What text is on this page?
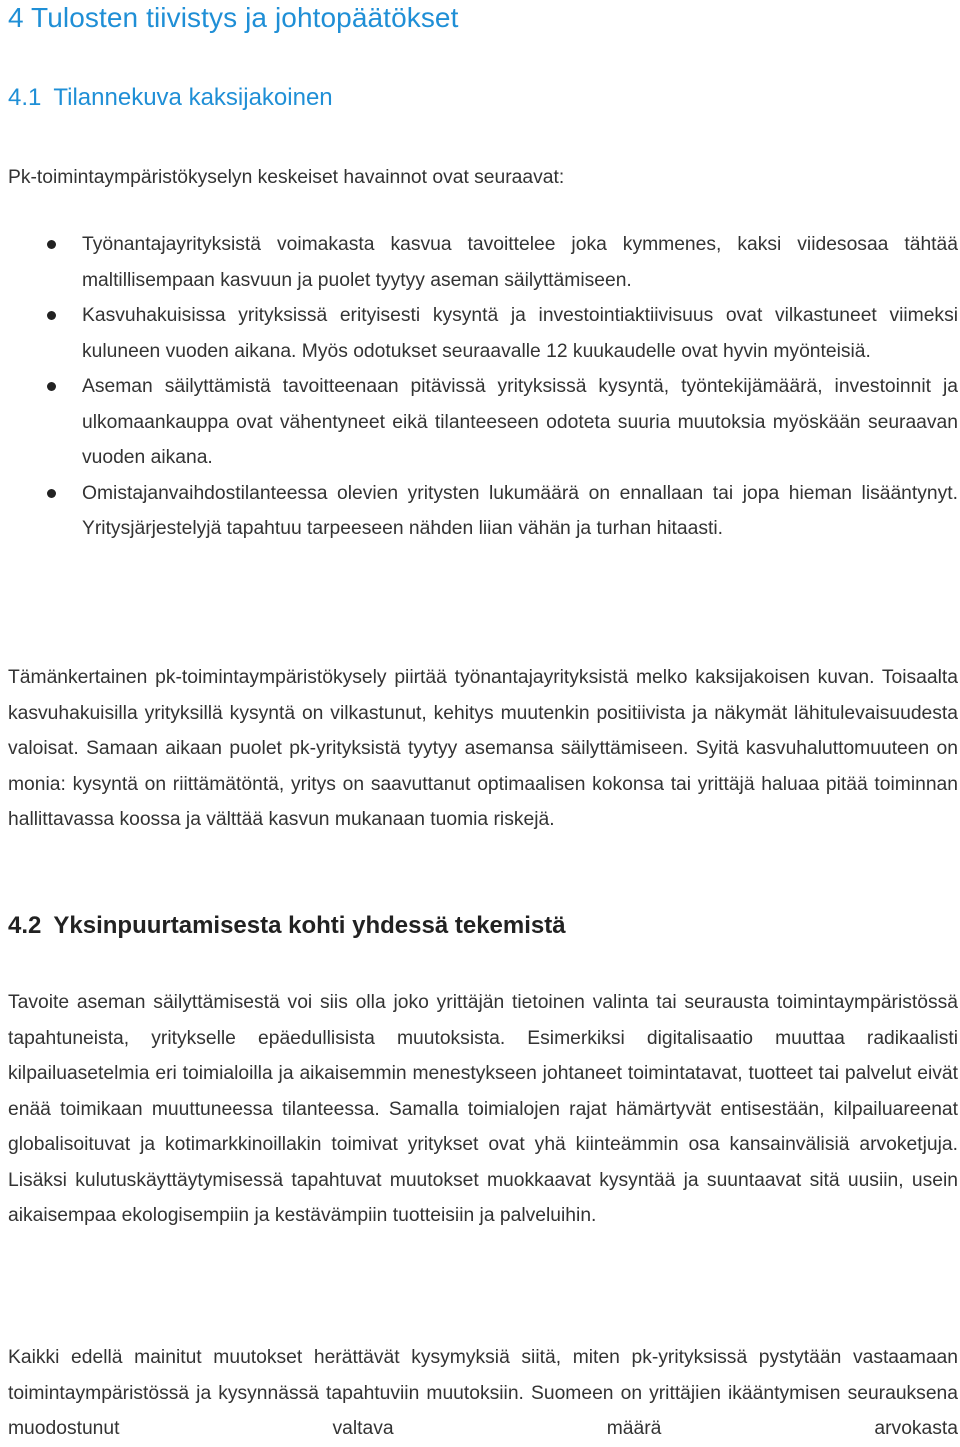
4 Tulosten tiivistys ja johtopäätökset
4.1 Tilannekuva kaksijakoinen

Pk-toimintaympäristökyselyn keskeiset havainnot ovat seuraavat:

Työnantajayrityksistä voimakasta kasvua tavoittelee joka kymmenes, kaksi viidesosaa tähtää maltillisempaan kasvuun ja puolet tyytyy aseman säilyttämiseen.
Kasvuhakuisissa yrityksissä erityisesti kysyntä ja investointiaktiivisuus ovat vilkastuneet viimeksi kuluneen vuoden aikana. Myös odotukset seuraavalle 12 kuukaudelle ovat hyvin myönteisiä.
Aseman säilyttämistä tavoitteenaan pitävissä yrityksissä kysyntä, työntekijämäärä, investoinnit ja ulkomaankauppa ovat vähentyneet eikä tilanteeseen odoteta suuria muutoksia myöskään seuraavan vuoden aikana.
Omistajanvaihdostilanteessa olevien yritysten lukumäärä on ennallaan tai jopa hieman lisääntynyt. Yritysjärjestelyjä tapahtuu tarpeeseen nähden liian vähän ja turhan hitaasti.

Tämänkertainen pk-toimintaympäristökysely piirtää työnantajayrityksistä melko kaksijakoisen kuvan. Toisaalta kasvuhakuisilla yrityksillä kysyntä on vilkastunut, kehitys muutenkin positiivista ja näkymät lähitulevaisuudesta valoisat. Samaan aikaan puolet pk-yrityksistä tyytyy asemansa säilyttämiseen. Syitä kasvuhaluttomuuteen on monia: kysyntä on riittämätöntä, yritys on saavuttanut optimaalisen kokonsa tai yrittäjä haluaa pitää toiminnan hallittavassa koossa ja välttää kasvun mukanaan tuomia riskejä.

4.2 Yksinpuurtamisesta kohti yhdessä tekemistä

Tavoite aseman säilyttämisestä voi siis olla joko yrittäjän tietoinen valinta tai seurausta toimintaympäristössä tapahtuneista, yritykselle epäedullisista muutoksista. Esimerkiksi digitalisaatio muuttaa radikaalisti kilpailuasetelmia eri toimialoilla ja aikaisemmin menestykseen johtaneet toimintatavat, tuotteet tai palvelut eivät enää toimikaan muuttuneessa tilanteessa. Samalla toimialojen rajat hämärtyvät entisestään, kilpailuareenat globalisoituvat ja kotimarkkinoillakin toimivat yritykset ovat yhä kiinteämmin osa kansainvälisiä arvoketjuja. Lisäksi kulutuskäyttäytymisessä tapahtuvat muutokset muokkaavat kysyntää ja suuntaavat sitä uusiin, usein aikaisempaa ekologisempiin ja kestävämpiin tuotteisiin ja palveluihin.

Kaikki edellä mainitut muutokset herättävät kysymyksiä siitä, miten pk-yrityksissä pystytään vastaamaan toimintaympäristössä ja kysynnässä tapahtuviin muutoksiin. Suomeen on yrittäjien ikääntymisen seurauksena muodostunut valtava määrä arvokasta
